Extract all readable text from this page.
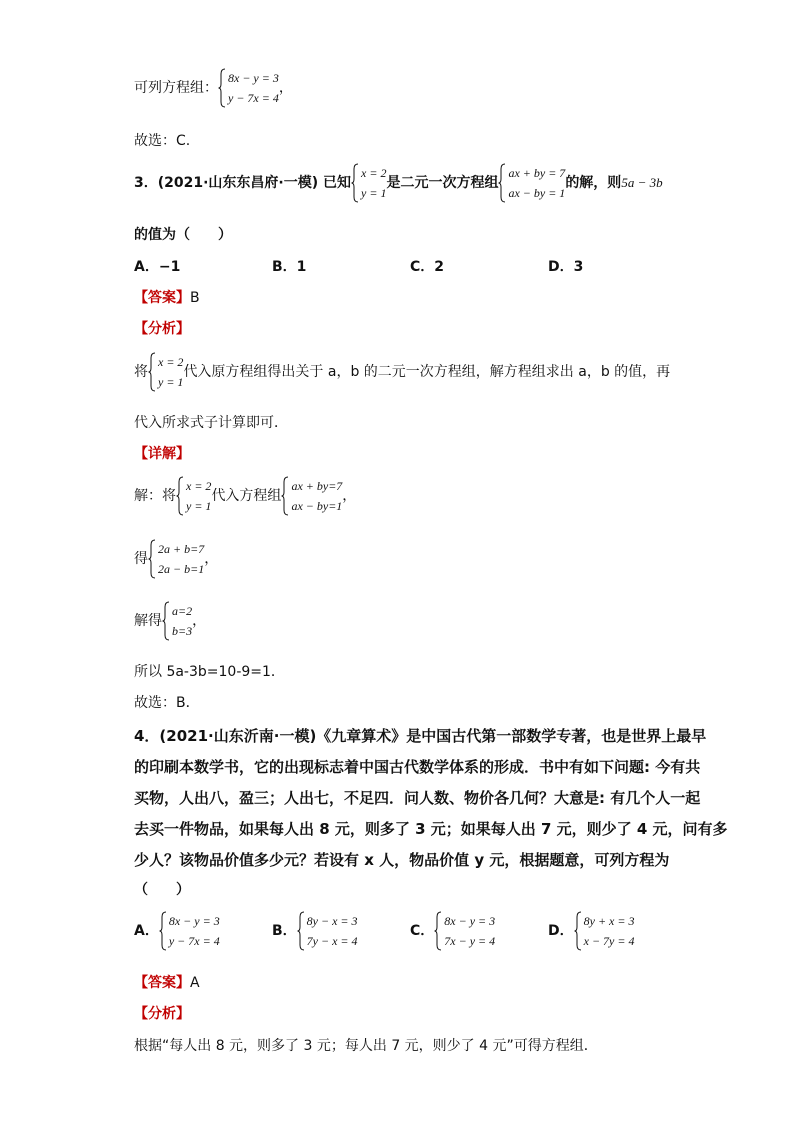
可列方程组：
8x − y = 3
y − 7x = 4
，
故选：C.
3．(2021·山东东昌府·一模) 已知
x = 2
y = 1
是二元一次方程组
ax + by = 7
ax − by = 1
的解，则5a − 3b
的值为（　　）
A．−1	B．1	C．2	D．3
【答案】B
【分析】
将
x = 2
y = 1
代入原方程组得出关于 a，b 的二元一次方程组，解方程组求出 a，b 的值，再
代入所求式子计算即可．
【详解】
解：将
x = 2
y = 1
代入方程组
ax + by=7
ax − by=1
，
得
2a + b=7
2a − b=1
，
解得
a=2
b=3
，
所以 5a-3b=10-9=1．
故选：B．
4．(2021·山东沂南·一模)《九章算术》是中国古代第一部数学专著，也是世界上最早
的印刷本数学书，它的出现标志着中国古代数学体系的形成．书中有如下问题: 今有共
买物，人出八，盈三；人出七，不足四．问人数、物价各几何？大意是: 有几个人一起
去买一件物品，如果每人出 8 元，则多了 3 元；如果每人出 7 元，则少了 4 元，问有多
少人？该物品价值多少元？若设有 x 人，物品价值 y 元，根据题意，可列方程为
（　　）
A．
8x − y = 3
y − 7x = 4
B．
8y − x = 3
7y − x = 4
C．
8x − y = 3
7x − y = 4
D．
8y + x = 3
x − 7y = 4
【答案】A
【分析】
根据“每人出 8 元，则多了 3 元；每人出 7 元，则少了 4 元”可得方程组．
